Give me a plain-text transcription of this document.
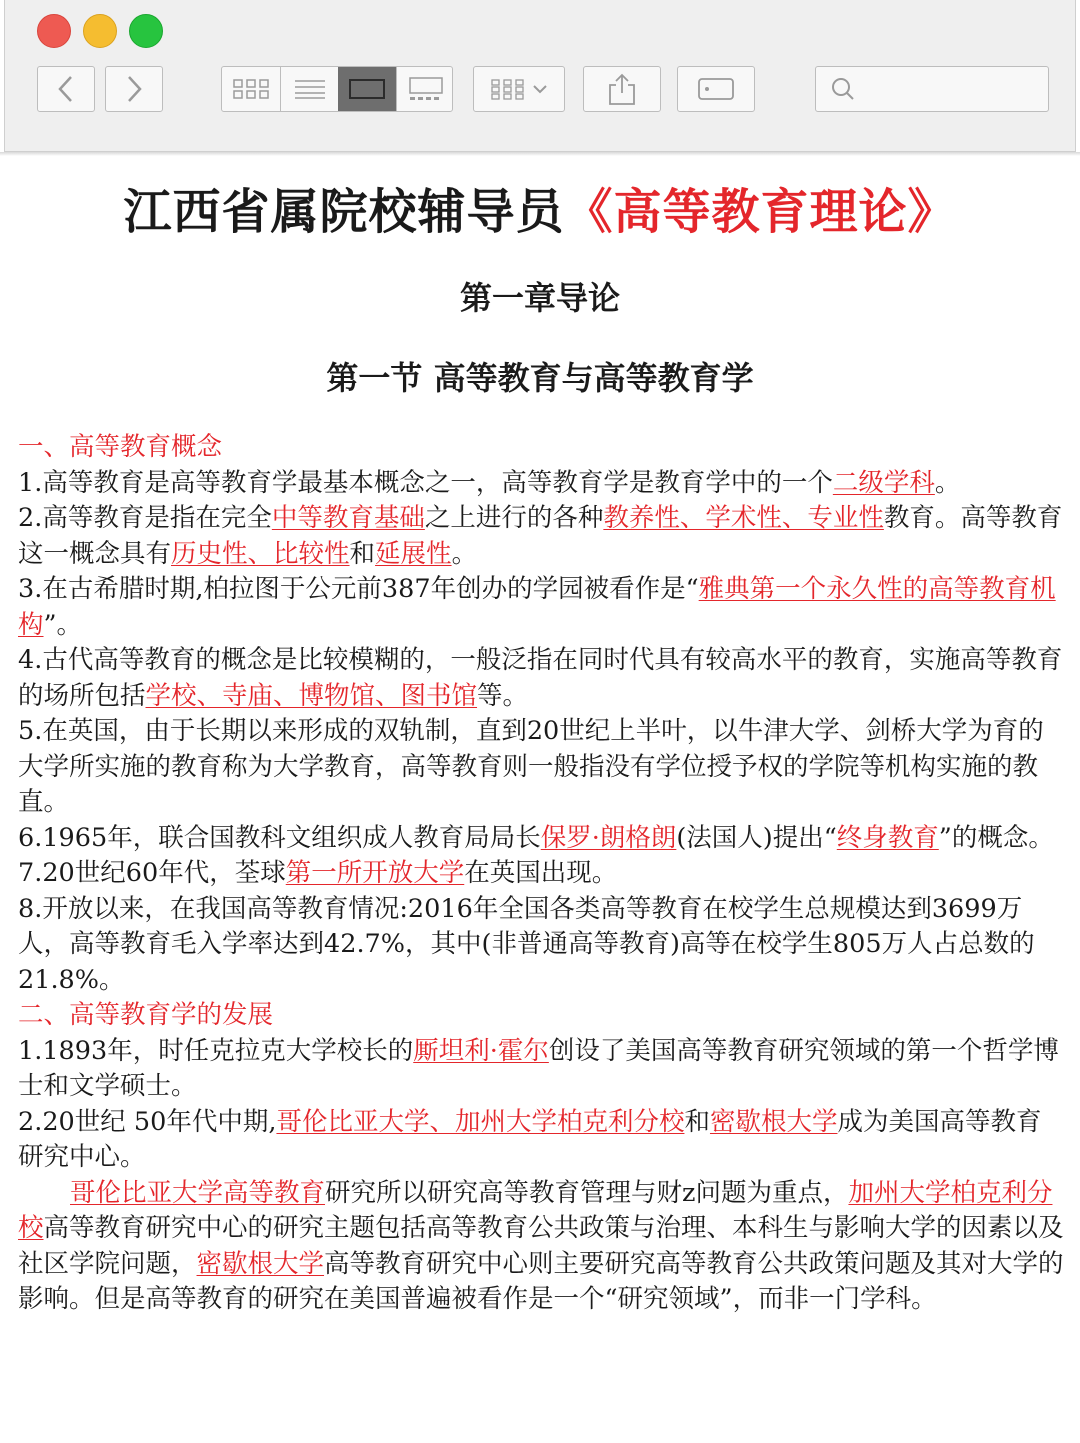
江西省属院校辅导员《高等教育理论》
第一章导论
第一节 高等教育与高等教育学

一、高等教育概念

1.高等教育是高等教育学最基本概念之一，高等教育学是教育学中的一个二级学科。

2.高等教育是指在完全中等教育基础之上进行的各种教养性、学术性、专业性教育。高等教育这一概念具有历史性、比较性和延展性。

3.在古希腊时期,柏拉图于公元前387年创办的学园被看作是“雅典第一个永久性的高等教育机构”。

4.古代高等教育的概念是比较模糊的，一般泛指在同时代具有较高水平的教育，实施高等教育的场所包括学校、寺庙、博物馆、图书馆等。

5.在英国，由于长期以来形成的双轨制，直到20世纪上半叶，以牛津大学、剑桥大学为育的大学所实施的教育称为大学教育，高等教育则一般指没有学位授予权的学院等机构实施的教直。

6.1965年，联合国教科文组织成人教育局局长保罗·朗格朗(法国人)提出“终身教育”的概念。

7.20世纪60年代，荃球第一所开放大学在英国出现。

8.开放以来，在我国高等教育情况:2016年全国各类高等教育在校学生总规模达到3699万人，高等教育毛入学率达到42.7%，其中(非普通高等教育)高等在校学生805万人占总数的21.8%。

二、高等教育学的发展

1.1893年，时任克拉克大学校长的厮坦利·霍尔创设了美国高等教育研究领域的第一个哲学博士和文学硕士。

2.20世纪 50年代中期,哥伦比亚大学、加州大学柏克利分校和密歇根大学成为美国高等教育研究中心。

哥伦比亚大学高等教育研究所以研究高等教育管理与财z问题为重点，加州大学柏克利分校高等教育研究中心的研究主题包括高等教育公共政策与治理、本科生与影响大学的因素以及社区学院问题，密歇根大学高等教育研究中心则主要研究高等教育公共政策问题及其对大学的影响。但是高等教育的研究在美国普遍被看作是一个“研究领域”，而非一门学科。
